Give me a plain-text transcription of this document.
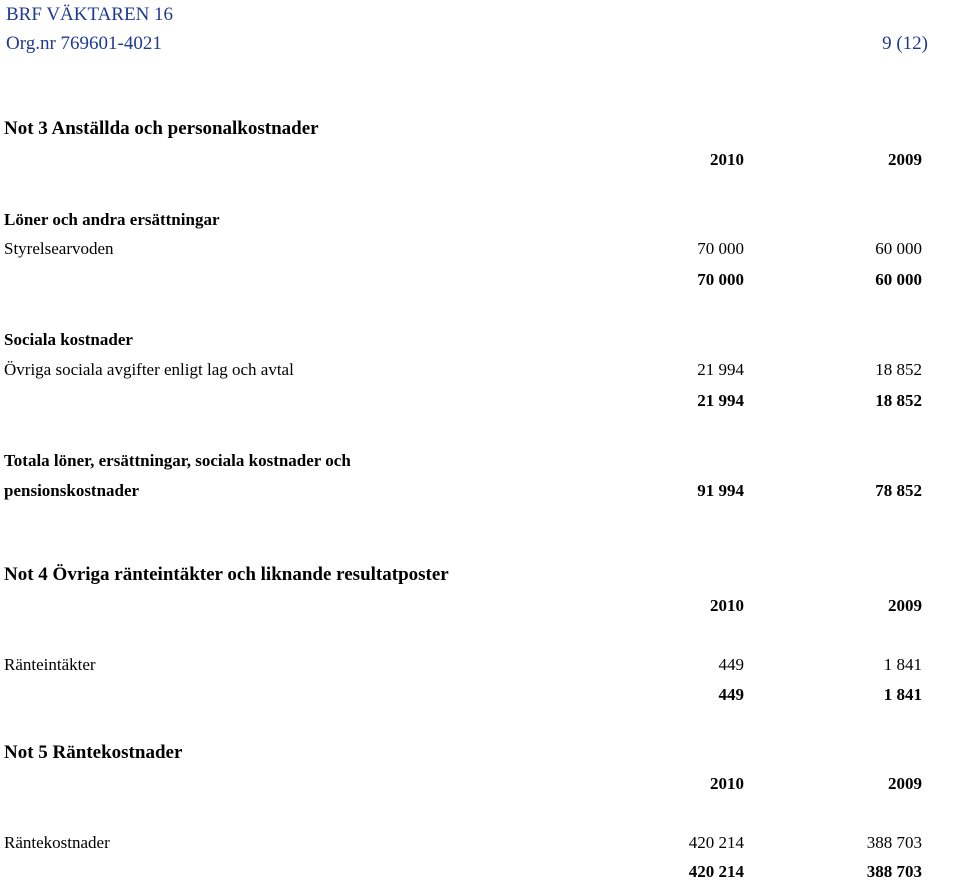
BRF VÄKTAREN 16
Org.nr 769601-4021	9 (12)
Not 3 Anställda och personalkostnader
2010	2009
Löner och andra ersättningar
Styrelsearvoden	70 000	60 000
70 000	60 000
Sociala kostnader
Övriga sociala avgifter enligt lag och avtal	21 994	18 852
21 994	18 852
Totala löner, ersättningar, sociala kostnader och
pensionskostnader	91 994	78 852
Not 4 Övriga ränteintäkter och liknande resultatposter
2010	2009
Ränteintäkter	449	1 841
449	1 841
Not 5 Räntekostnader
2010	2009
Räntekostnader	420 214	388 703
420 214	388 703
